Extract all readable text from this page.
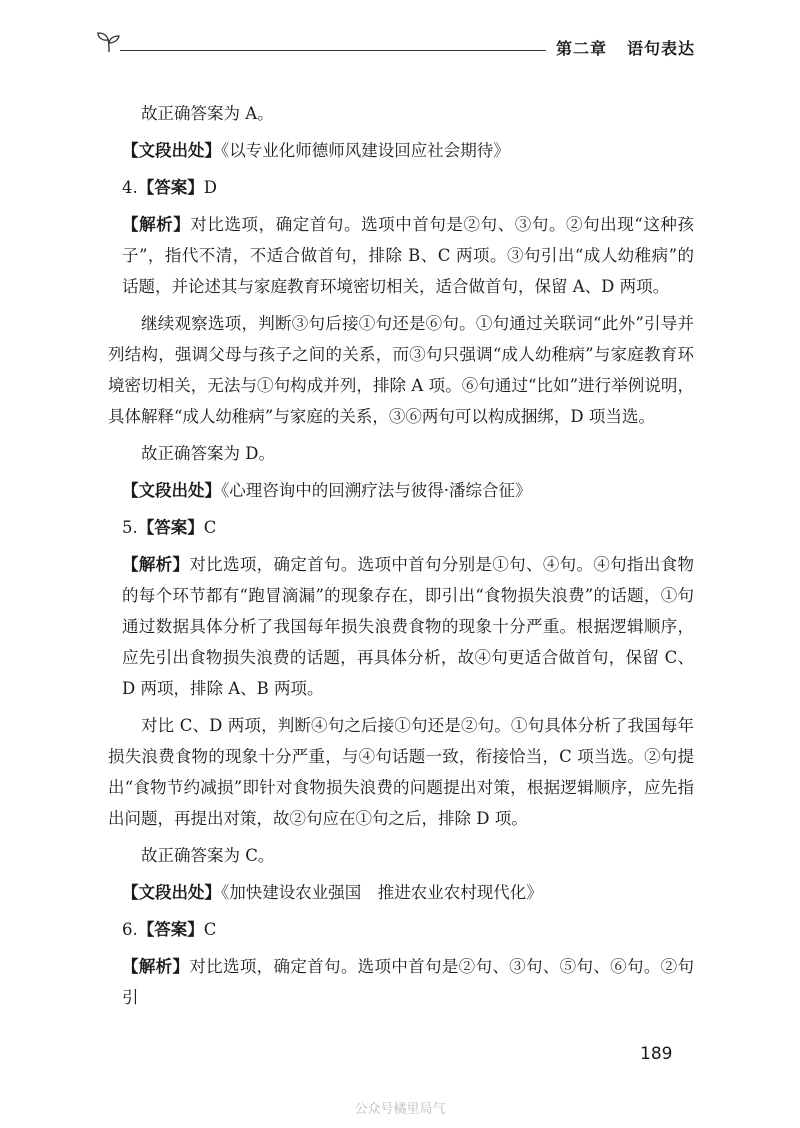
第二章 语句表达

故正确答案为 A。

【文段出处】《以专业化师德师风建设回应社会期待》

4.【答案】D

【解析】对比选项，确定首句。选项中首句是②句、③句。②句出现“这种孩子”，指代不清，不适合做首句，排除 B、C 两项。③句引出“成人幼稚病”的话题，并论述其与家庭教育环境密切相关，适合做首句，保留 A、D 两项。

继续观察选项，判断③句后接①句还是⑥句。①句通过关联词“此外”引导并列结构，强调父母与孩子之间的关系，而③句只强调“成人幼稚病”与家庭教育环境密切相关，无法与①句构成并列，排除 A 项。⑥句通过“比如”进行举例说明，具体解释“成人幼稚病”与家庭的关系，③⑥两句可以构成捆绑，D 项当选。

故正确答案为 D。

【文段出处】《心理咨询中的回溯疗法与彼得·潘综合征》

5.【答案】C

【解析】对比选项，确定首句。选项中首句分别是①句、④句。④句指出食物的每个环节都有“跑冒滴漏”的现象存在，即引出“食物损失浪费”的话题，①句通过数据具体分析了我国每年损失浪费食物的现象十分严重。根据逻辑顺序，应先引出食物损失浪费的话题，再具体分析，故④句更适合做首句，保留 C、D 两项，排除 A、B 两项。

对比 C、D 两项，判断④句之后接①句还是②句。①句具体分析了我国每年损失浪费食物的现象十分严重，与④句话题一致，衔接恰当，C 项当选。②句提出“食物节约减损”即针对食物损失浪费的问题提出对策，根据逻辑顺序，应先指出问题，再提出对策，故②句应在①句之后，排除 D 项。

故正确答案为 C。

【文段出处】《加快建设农业强国　推进农业农村现代化》

6.【答案】C

【解析】对比选项，确定首句。选项中首句是②句、③句、⑤句、⑥句。②句引

189
公众号橘里局气
